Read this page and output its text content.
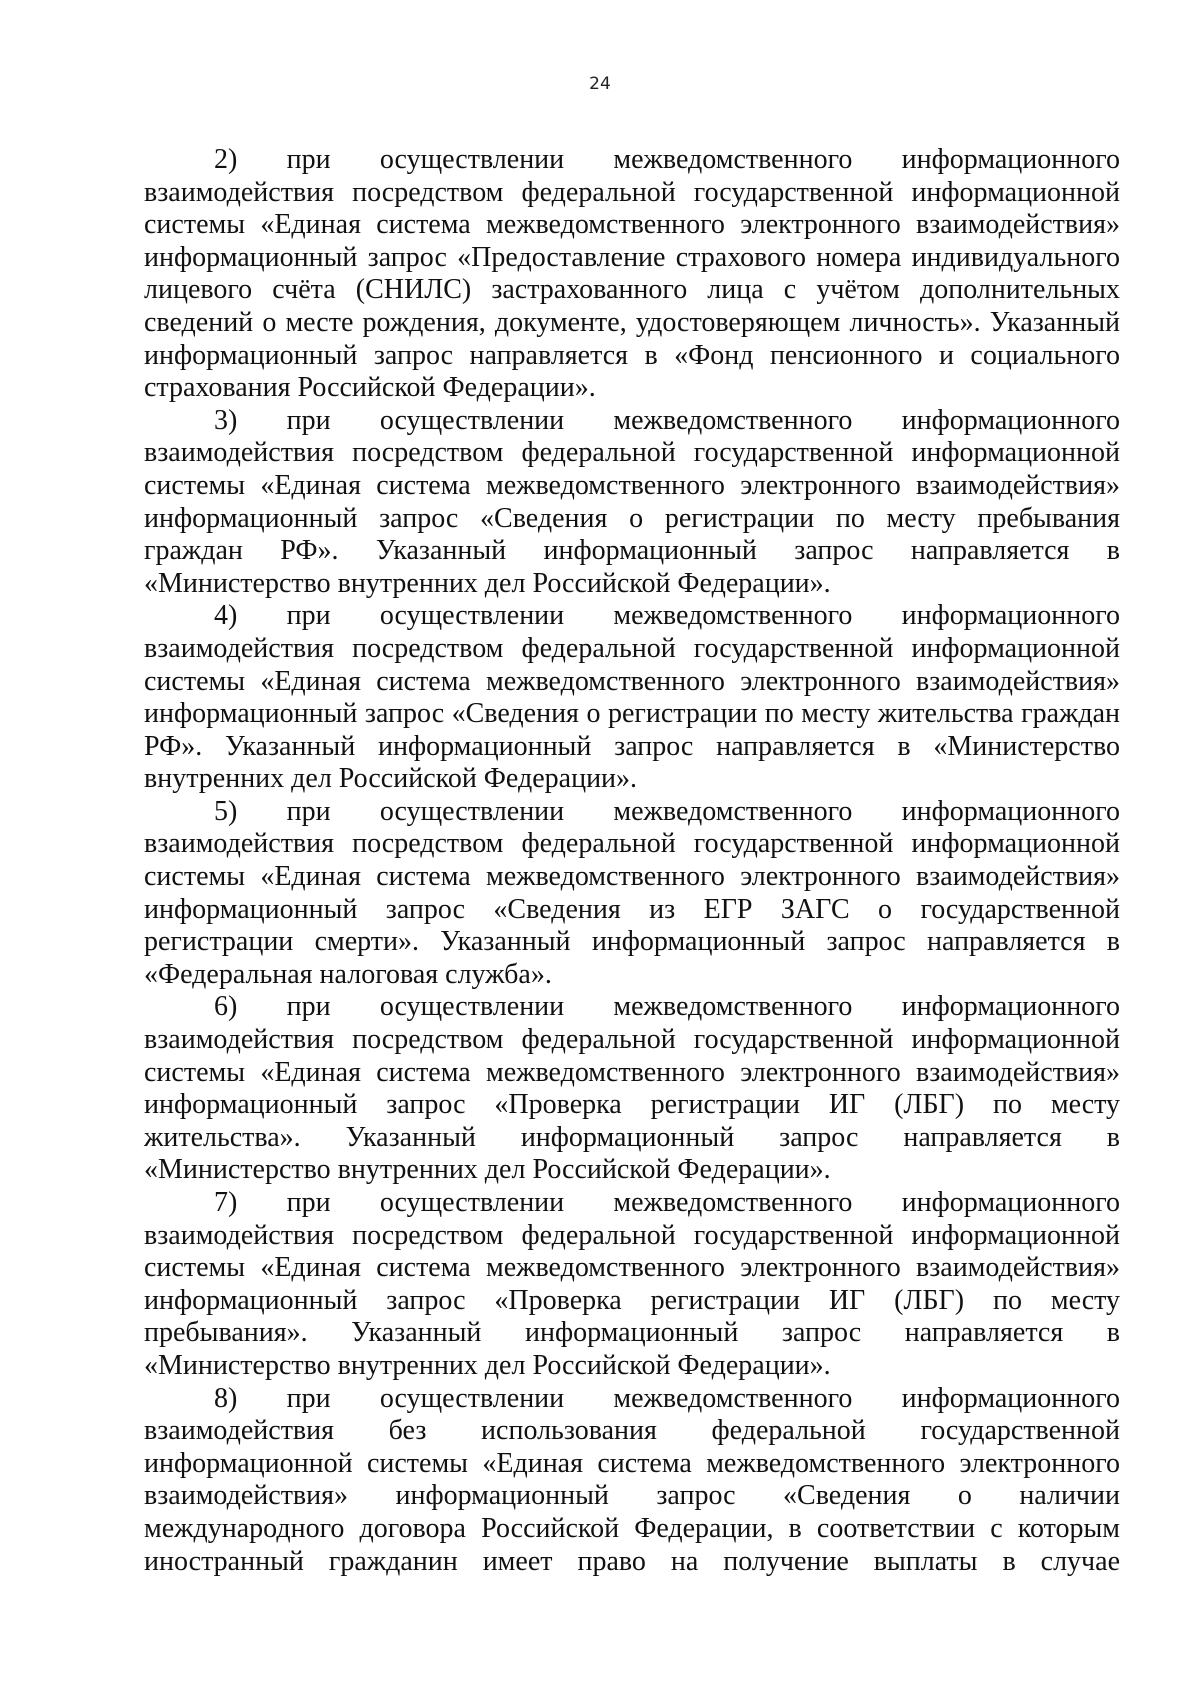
24
2) при осуществлении межведомственного информационного
взаимодействия посредством федеральной государственной информационной
системы «Единая система межведомственного электронного взаимодействия»
информационный запрос «Предоставление страхового номера индивидуального
лицевого счёта (СНИЛС) застрахованного лица с учётом дополнительных
сведений о месте рождения, документе, удостоверяющем личность». Указанный
информационный запрос направляется в «Фонд пенсионного и социального
страхования Российской Федерации».
3) при осуществлении межведомственного информационного
взаимодействия посредством федеральной государственной информационной
системы «Единая система межведомственного электронного взаимодействия»
информационный запрос «Сведения о регистрации по месту пребывания
граждан РФ». Указанный информационный запрос направляется в
«Министерство внутренних дел Российской Федерации».
4) при осуществлении межведомственного информационного
взаимодействия посредством федеральной государственной информационной
системы «Единая система межведомственного электронного взаимодействия»
информационный запрос «Сведения о регистрации по месту жительства граждан
РФ». Указанный информационный запрос направляется в «Министерство
внутренних дел Российской Федерации».
5) при осуществлении межведомственного информационного
взаимодействия посредством федеральной государственной информационной
системы «Единая система межведомственного электронного взаимодействия»
информационный запрос «Сведения из ЕГР ЗАГС о государственной
регистрации смерти». Указанный информационный запрос направляется в
«Федеральная налоговая служба».
6) при осуществлении межведомственного информационного
взаимодействия посредством федеральной государственной информационной
системы «Единая система межведомственного электронного взаимодействия»
информационный запрос «Проверка регистрации ИГ (ЛБГ) по месту
жительства». Указанный информационный запрос направляется в
«Министерство внутренних дел Российской Федерации».
7) при осуществлении межведомственного информационного
взаимодействия посредством федеральной государственной информационной
системы «Единая система межведомственного электронного взаимодействия»
информационный запрос «Проверка регистрации ИГ (ЛБГ) по месту
пребывания». Указанный информационный запрос направляется в
«Министерство внутренних дел Российской Федерации».
8) при осуществлении межведомственного информационного
взаимодействия без использования федеральной государственной
информационной системы «Единая система межведомственного электронного
взаимодействия» информационный запрос «Сведения о наличии
международного договора Российской Федерации, в соответствии с которым
иностранный гражданин имеет право на получение выплаты в случае
